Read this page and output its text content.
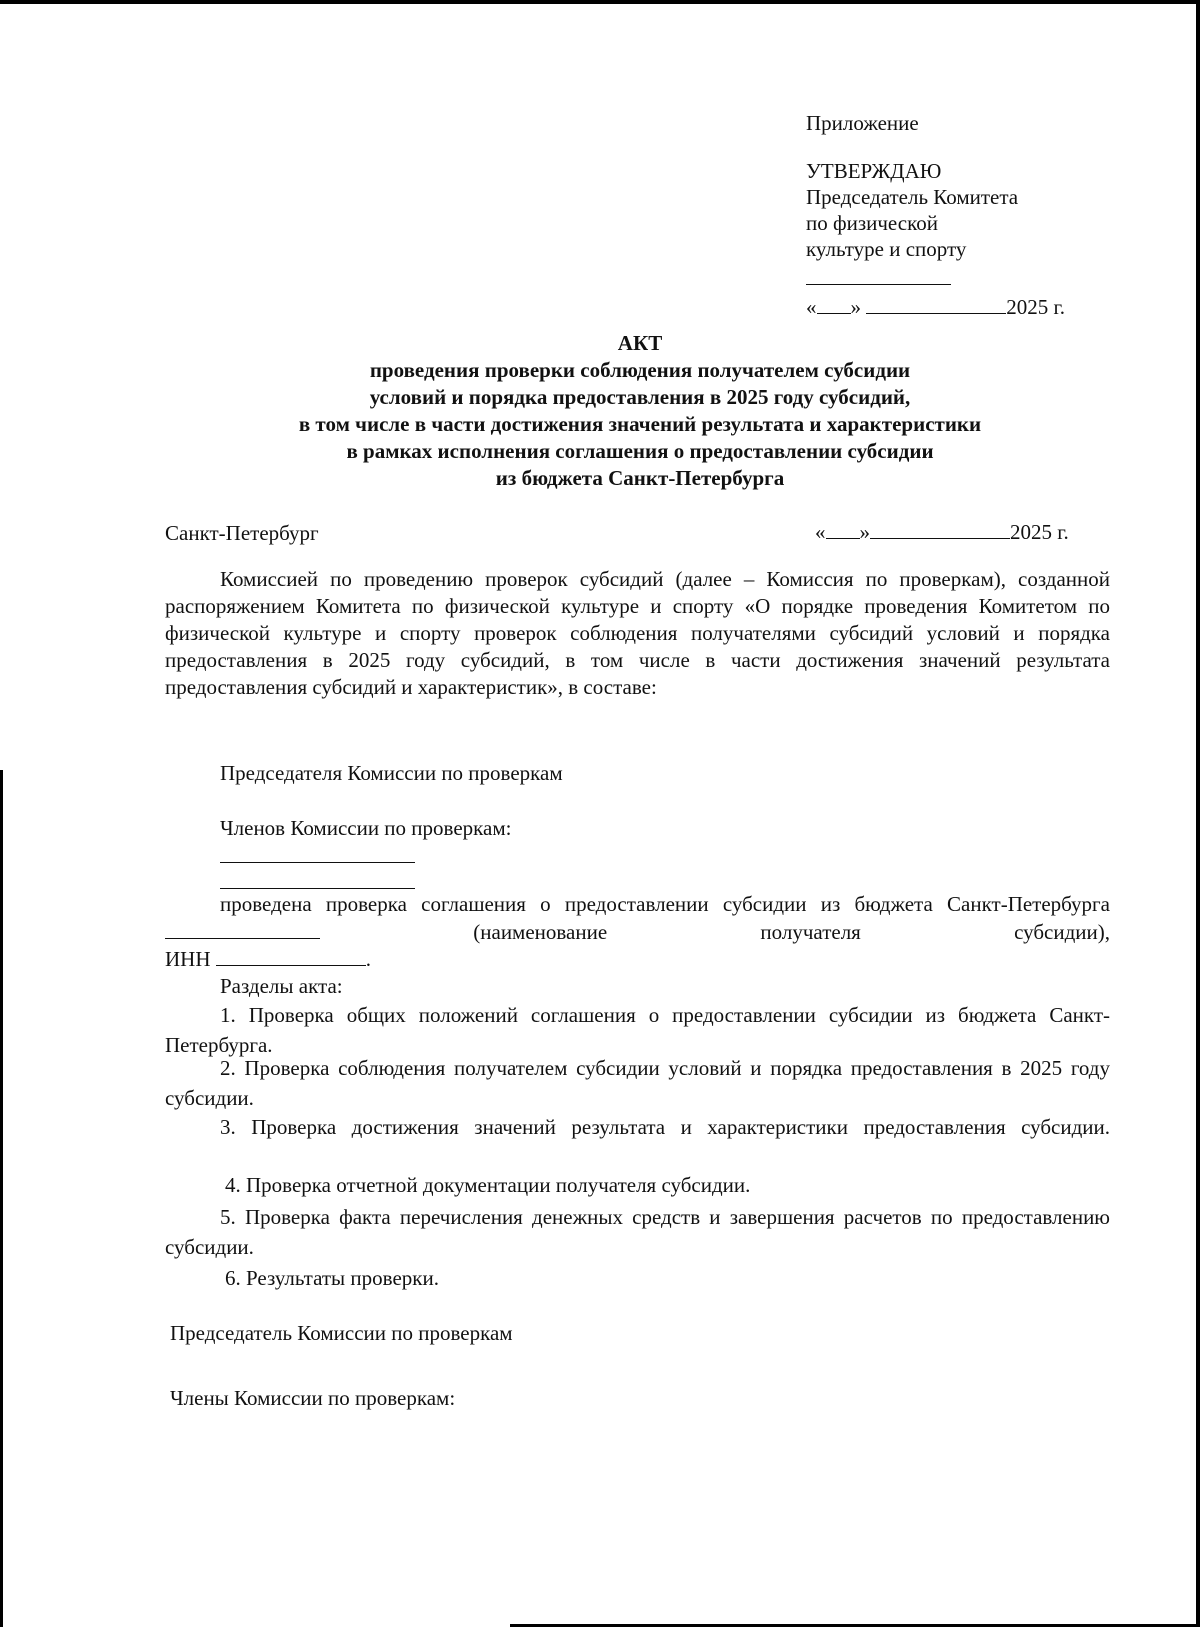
Приложение
УТВЕРЖДАЮ
Председатель Комитета
по физической
культуре и спорту
« »	2025 г.
АКТ
проведения проверки соблюдения получателем субсидии
условий и порядка предоставления в 2025 году субсидий,
в том числе в части достижения значений результата и характеристики
в рамках исполнения соглашения о предоставлении субсидии
из бюджета Санкт-Петербурга
Санкт-Петербург	« »	2025 г.
Комиссией по проведению проверок субсидий (далее – Комиссия по проверкам), созданной распоряжением Комитета по физической культуре и спорту «О порядке проведения Комитетом по физической культуре и спорту проверок соблюдения получателями субсидий условий и порядка предоставления в 2025 году субсидий, в том числе в части достижения значений результата предоставления субсидий и характеристик», в составе:
Председателя Комиссии по проверкам
Членов Комиссии по проверкам:
проведена проверка соглашения о предоставлении субсидии из бюджета Санкт-Петербурга  (наименование получателя субсидии),
ИНН	.
Разделы акта:
1. Проверка общих положений соглашения о предоставлении субсидии из бюджета Санкт-Петербурга.
2. Проверка соблюдения получателем субсидии условий и порядка предоставления в 2025 году субсидии.
3. Проверка достижения значений результата и характеристики предоставления субсидии.
4. Проверка отчетной документации получателя субсидии.
5. Проверка факта перечисления денежных средств и завершения расчетов по предоставлению субсидии.
6. Результаты проверки.
Председатель Комиссии по проверкам
Члены Комиссии по проверкам:
